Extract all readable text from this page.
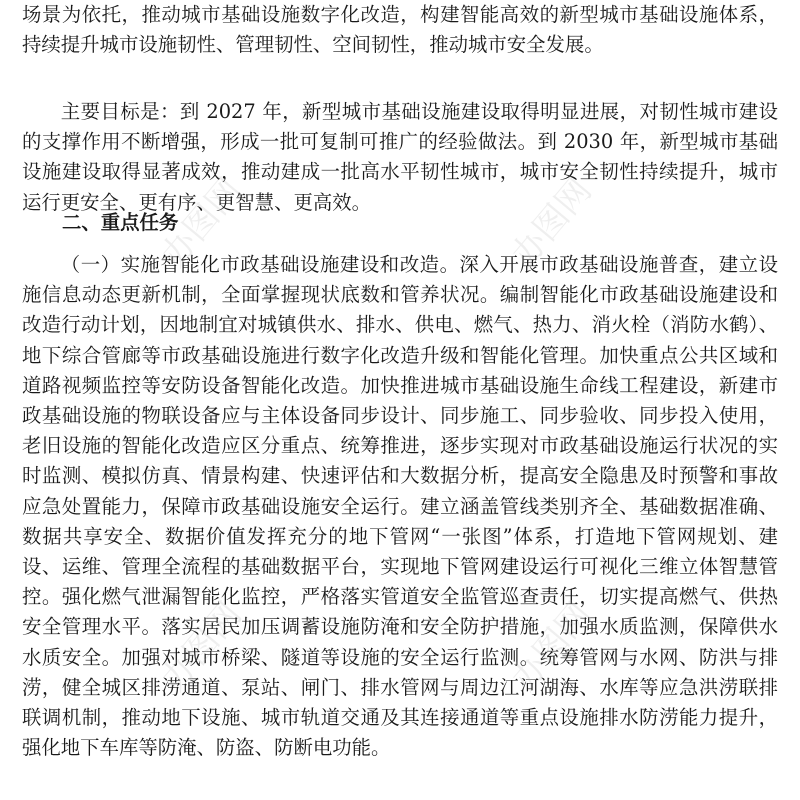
场景为依托，推动城市基础设施数字化改造，构建智能高效的新型城市基础设施体系，持续提升城市设施韧性、管理韧性、空间韧性，推动城市安全发展。

主要目标是：到 2027 年，新型城市基础设施建设取得明显进展，对韧性城市建设的支撑作用不断增强，形成一批可复制可推广的经验做法。到 2030 年，新型城市基础设施建设取得显著成效，推动建成一批高水平韧性城市，城市安全韧性持续提升，城市运行更安全、更有序、更智慧、更高效。

二、重点任务

（一）实施智能化市政基础设施建设和改造。深入开展市政基础设施普查，建立设施信息动态更新机制，全面掌握现状底数和管养状况。编制智能化市政基础设施建设和改造行动计划，因地制宜对城镇供水、排水、供电、燃气、热力、消火栓（消防水鹤）、地下综合管廊等市政基础设施进行数字化改造升级和智能化管理。加快重点公共区域和道路视频监控等安防设备智能化改造。加快推进城市基础设施生命线工程建设，新建市政基础设施的物联设备应与主体设备同步设计、同步施工、同步验收、同步投入使用，老旧设施的智能化改造应区分重点、统筹推进，逐步实现对市政基础设施运行状况的实时监测、模拟仿真、情景构建、快速评估和大数据分析，提高安全隐患及时预警和事故应急处置能力，保障市政基础设施安全运行。建立涵盖管线类别齐全、基础数据准确、数据共享安全、数据价值发挥充分的地下管网“一张图”体系，打造地下管网规划、建设、运维、管理全流程的基础数据平台，实现地下管网建设运行可视化三维立体智慧管控。强化燃气泄漏智能化监控，严格落实管道安全监管巡查责任，切实提高燃气、供热安全管理水平。落实居民加压调蓄设施防淹和安全防护措施，加强水质监测，保障供水水质安全。加强对城市桥梁、隧道等设施的安全运行监测。统筹管网与水网、防洪与排涝，健全城区排涝通道、泵站、闸门、排水管网与周边江河湖海、水库等应急洪涝联排联调机制，推动地下设施、城市轨道交通及其连接通道等重点设施排水防涝能力提升，强化地下车库等防淹、防盗、防断电功能。

办图网	办图网
办图网	办图网
